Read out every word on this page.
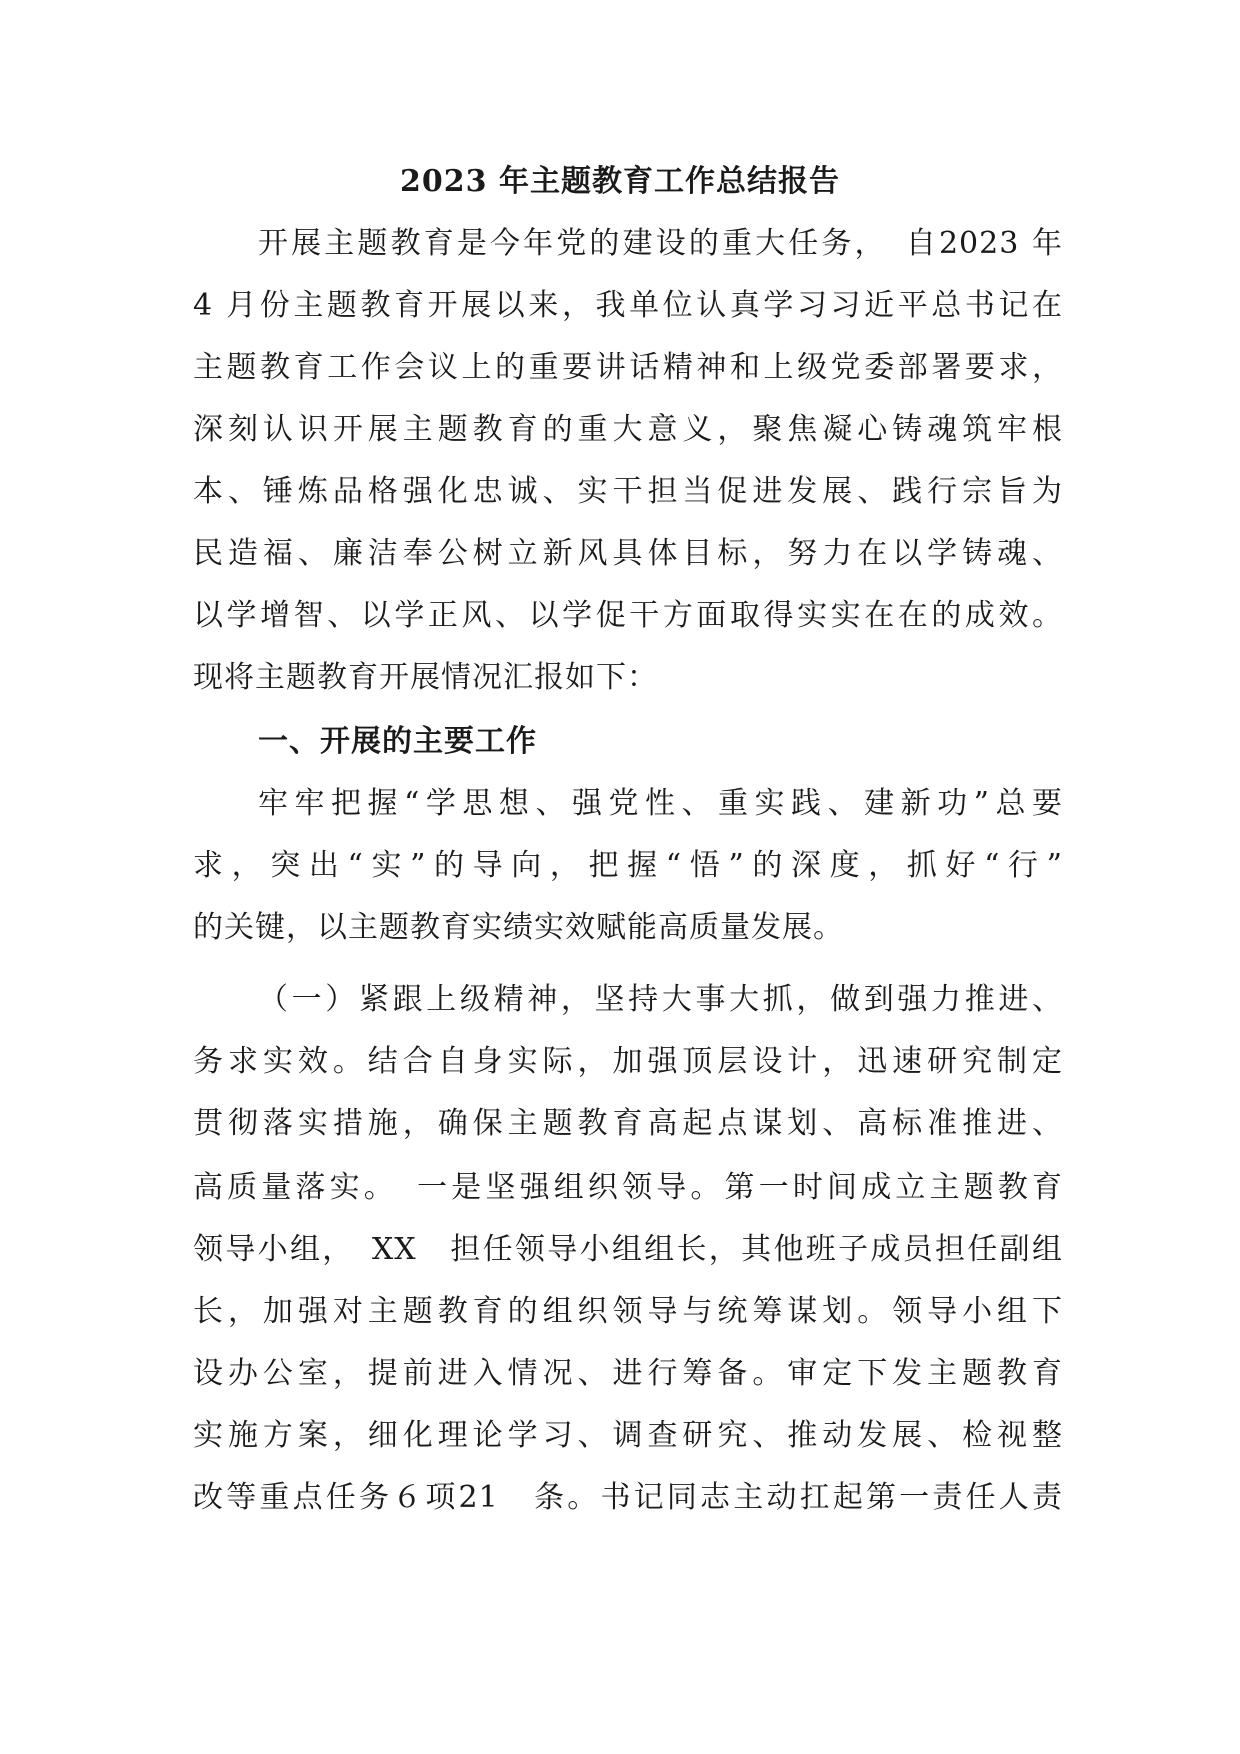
2023 年主题教育工作总结报告
开展主题教育是今年党的建设的重大任务，　自2023 年
4 月份主题教育开展以来，我单位认真学习习近平总书记在
主题教育工作会议上的重要讲话精神和上级党委部署要求，
深刻认识开展主题教育的重大意义，聚焦凝心铸魂筑牢根
本、锤炼品格强化忠诚、实干担当促进发展、践行宗旨为
民造福、廉洁奉公树立新风具体目标，努力在以学铸魂、
以学增智、以学正风、以学促干方面取得实实在在的成效。
现将主题教育开展情况汇报如下：
一、开展的主要工作
牢牢把握“学思想、强党性、重实践、建新功”总要
求，突出“实”的导向，把握“悟”的深度，抓好“行”
的关键，以主题教育实绩实效赋能高质量发展。
（一）紧跟上级精神，坚持大事大抓，做到强力推进、
务求实效。结合自身实际，加强顶层设计，迅速研究制定
贯彻落实措施，确保主题教育高起点谋划、高标准推进、
高质量落实。　一是坚强组织领导。第一时间成立主题教育
领导小组，　XX　担任领导小组组长，其他班子成员担任副组
长，加强对主题教育的组织领导与统筹谋划。领导小组下
设办公室，提前进入情况、进行筹备。审定下发主题教育
实施方案，细化理论学习、调查研究、推动发展、检视整
改等重点任务６项21　条。书记同志主动扛起第一责任人责
